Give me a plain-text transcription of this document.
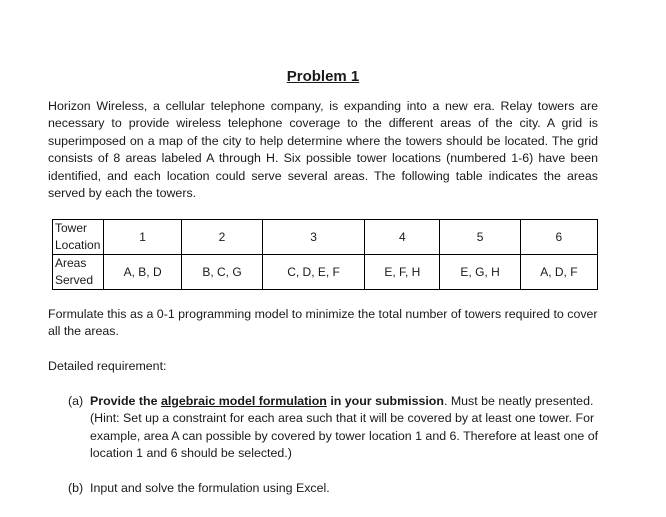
Problem 1

Horizon Wireless, a cellular telephone company, is expanding into a new era. Relay towers are necessary to provide wireless telephone coverage to the different areas of the city. A grid is superimposed on a map of the city to help determine where the towers should be located. The grid consists of 8 areas labeled A through H. Six possible tower locations (numbered 1-6) have been identified, and each location could serve several areas. The following table indicates the areas served by each the towers.

Tower Location	1	2	3	4	5	6
Areas Served	A, B, D	B, C, G	C, D, E, F	E, F, H	E, G, H	A, D, F

Formulate this as a 0-1 programming model to minimize the total number of towers required to cover all the areas.

Detailed requirement:

(a) Provide the algebraic model formulation in your submission. Must be neatly presented. (Hint: Set up a constraint for each area such that it will be covered by at least one tower. For example, area A can possible by covered by tower location 1 and 6. Therefore at least one of location 1 and 6 should be selected.)
(b) Input and solve the formulation using Excel.
